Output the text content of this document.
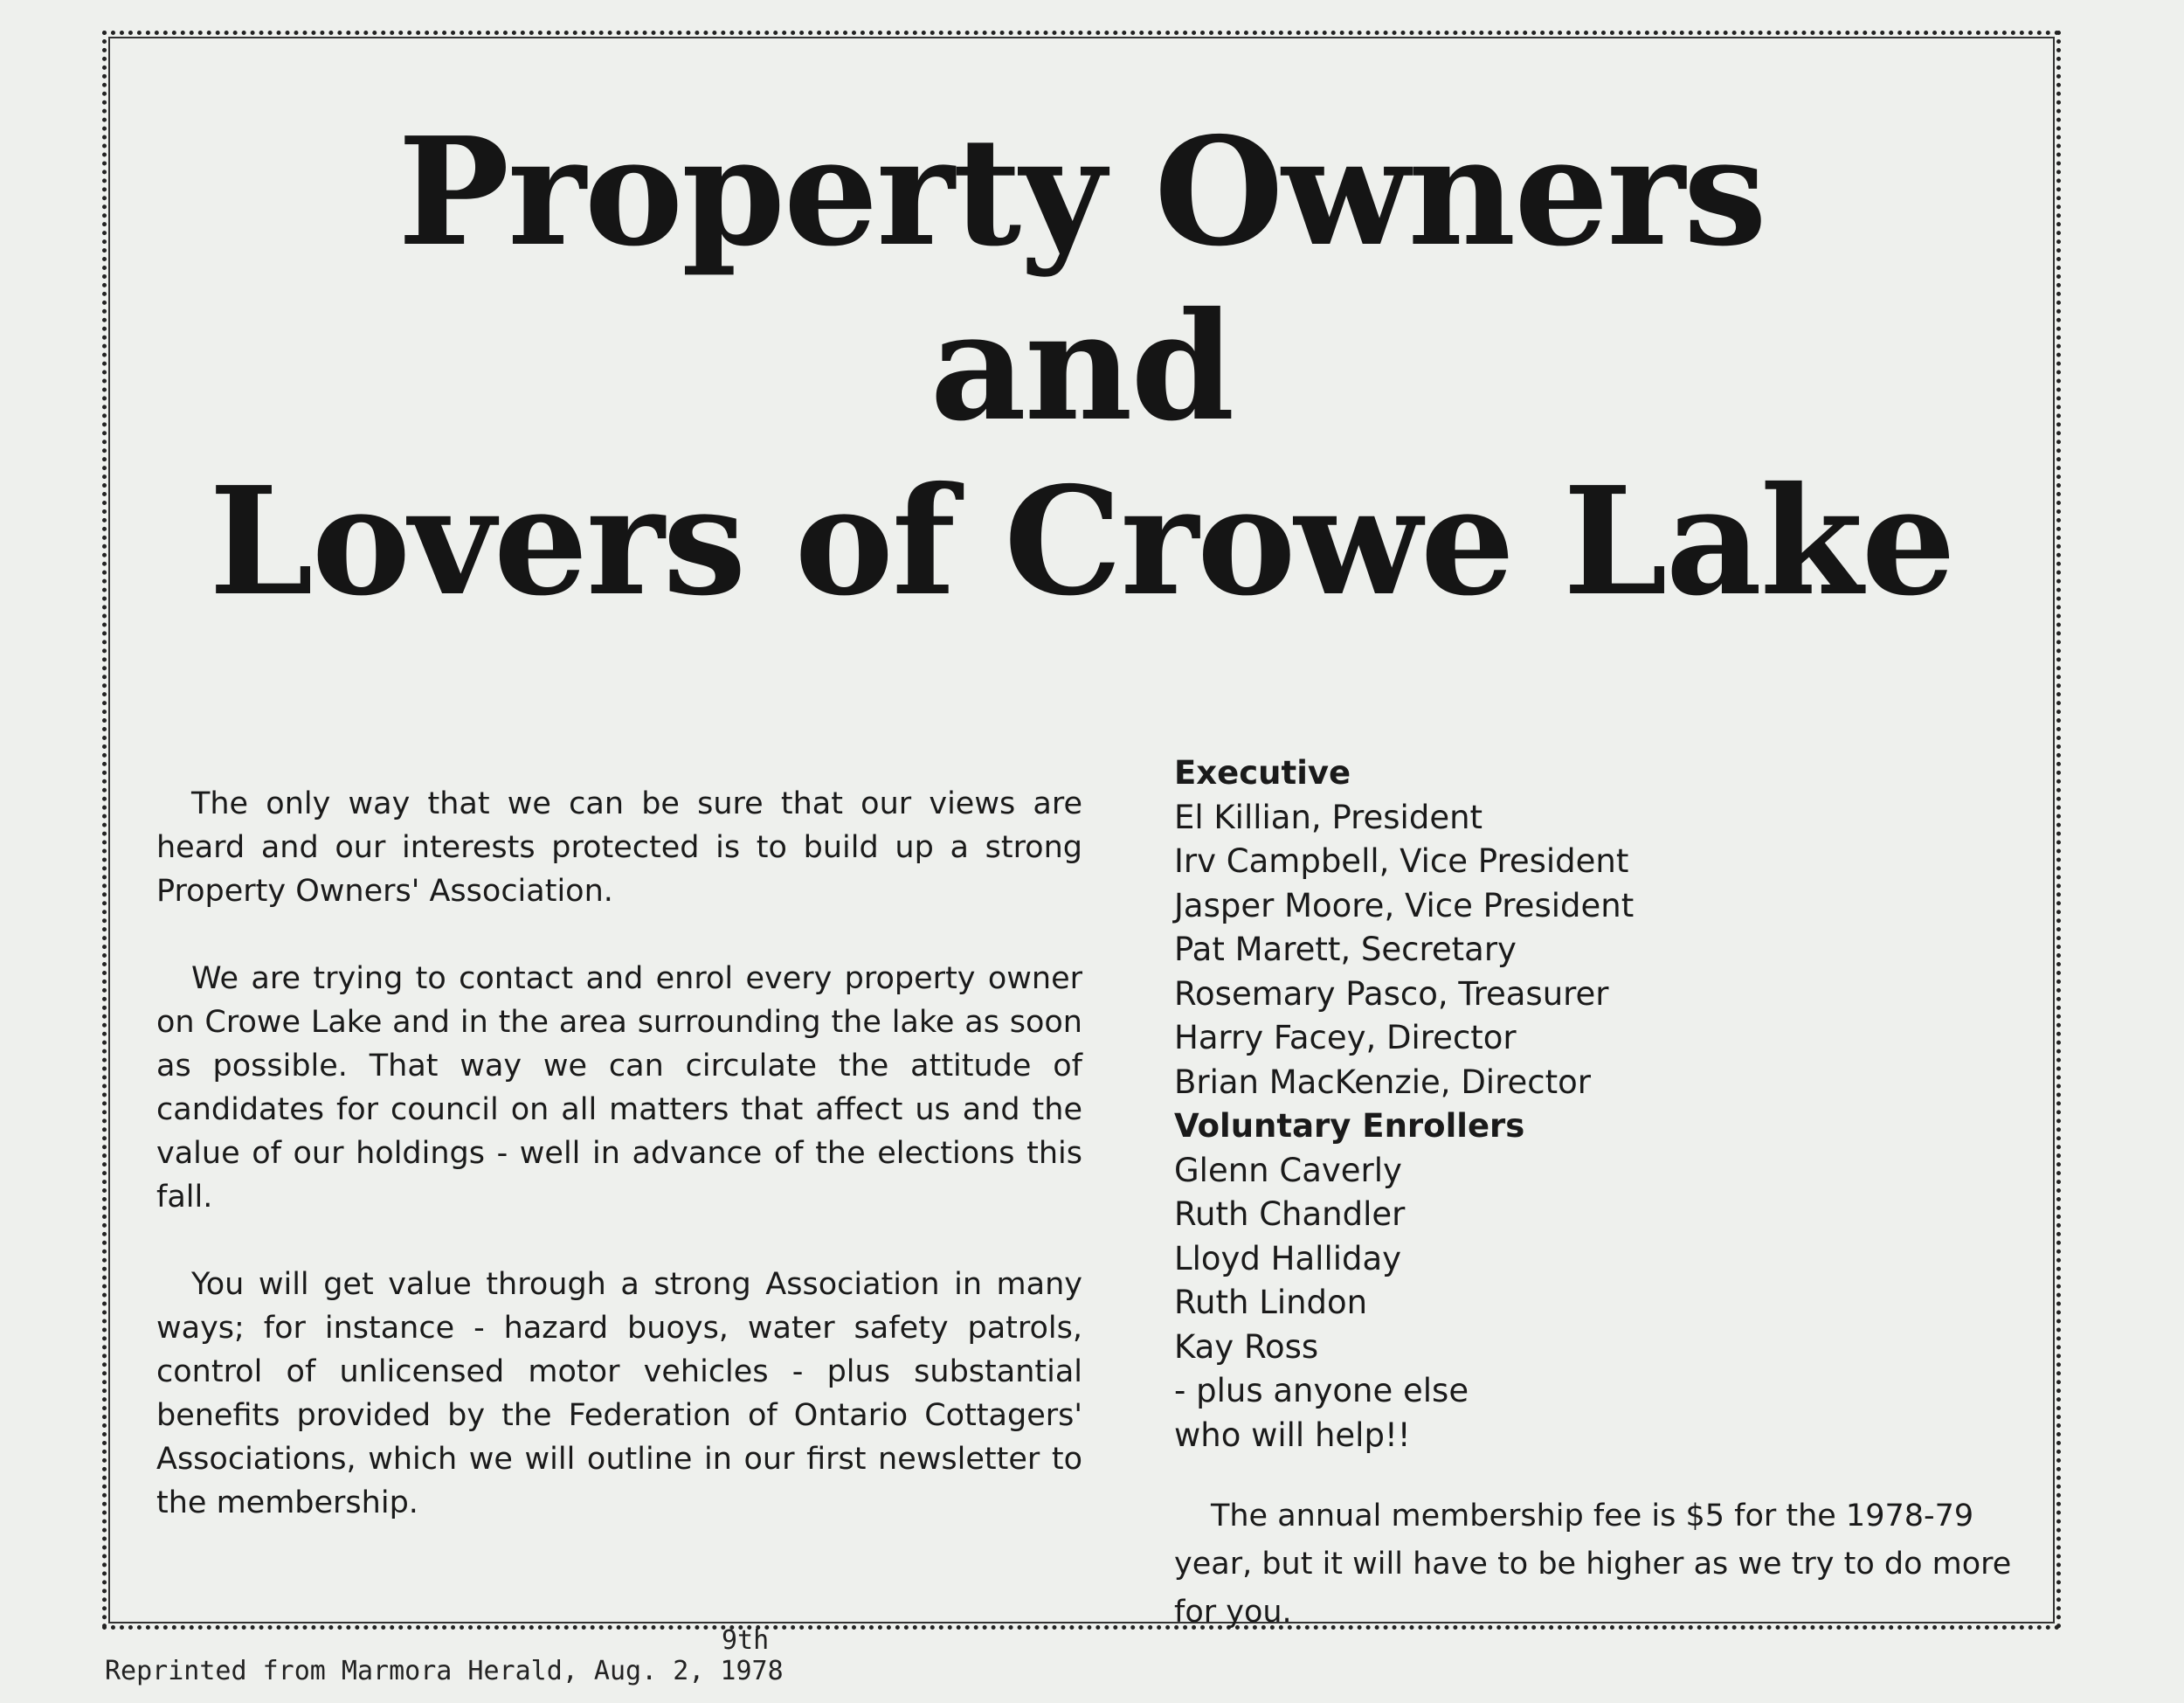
Property Owners
and
Lovers of Crowe Lake

The only way that we can be sure that our views are heard and our interests protected is to build up a strong Property Owners' Association.

We are trying to contact and enrol every property owner on Crowe Lake and in the area surrounding the lake as soon as possible. That way we can circulate the attitude of candidates for council on all matters that affect us and the value of our holdings - well in advance of the elections this fall.

You will get value through a strong Association in many ways; for instance - hazard buoys, water safety patrols, control of unlicensed motor vehicles - plus substantial benefits provided by the Federation of Ontario Cottagers' Associations, which we will outline in our first newsletter to the membership.

Executive
El Killian, President
Irv Campbell, Vice President
Jasper Moore, Vice President
Pat Marett, Secretary
Rosemary Pasco, Treasurer
Harry Facey, Director
Brian MacKenzie, Director
Voluntary Enrollers
Glenn Caverly
Ruth Chandler
Lloyd Halliday
Ruth Lindon
Kay Ross
- plus anyone else
who will help!!
The annual membership fee is $5 for the 1978-79 year, but it will have to be higher as we try to do more for you.
9th
Reprinted from Marmora Herald, Aug. 2, 1978
